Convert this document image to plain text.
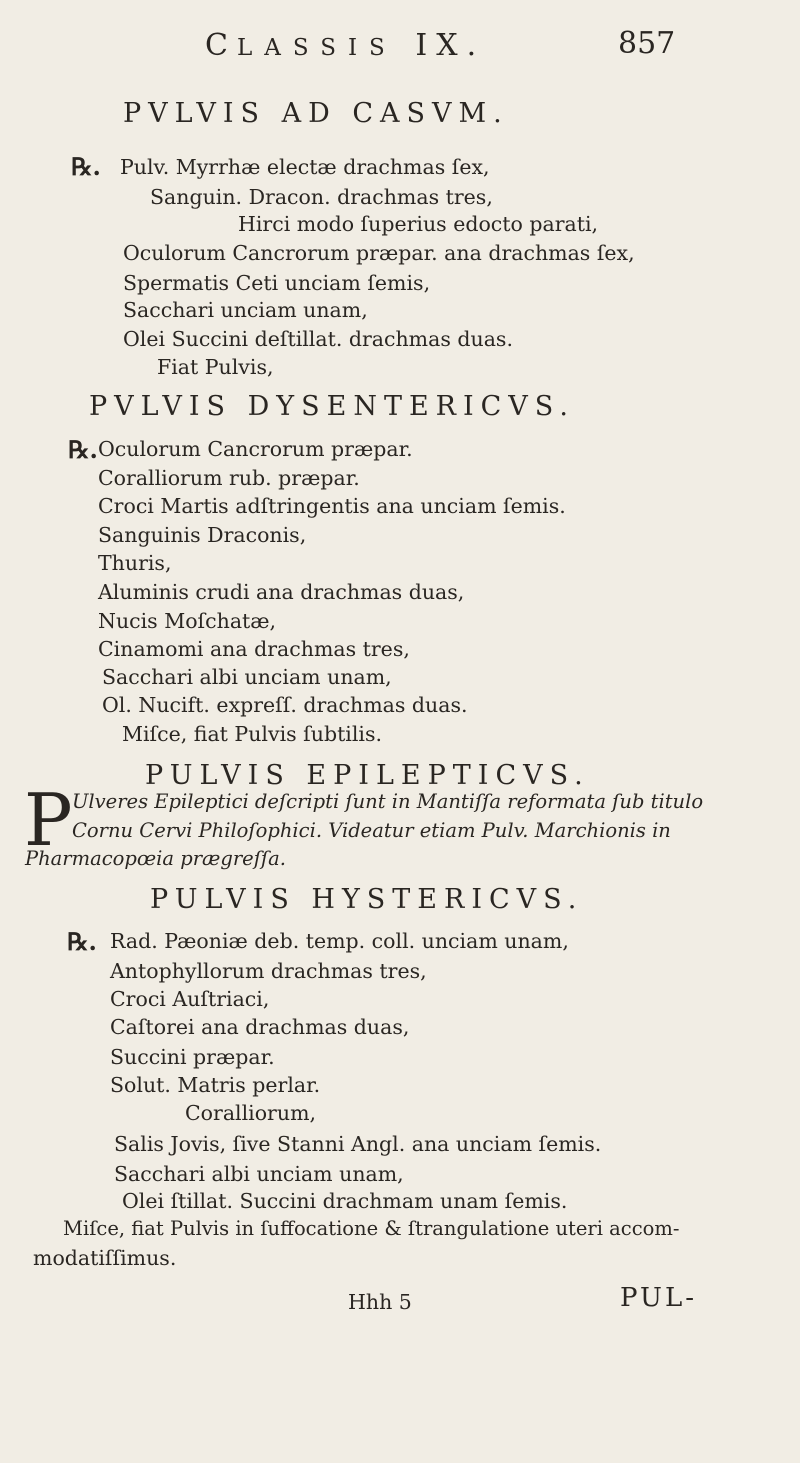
CLASSIS IX.	857
PVLVIS AD CASVM.
℞. Pulv. Myrrhæ electæ drachmas ſex,
Sanguin. Dracon. drachmas tres,
Hirci modo ſuperius edocto parati,
Oculorum Cancrorum præpar. ana drachmas ſex,
Spermatis Ceti unciam ſemis,
Sacchari unciam unam,
Olei Succini deſtillat. drachmas duas.
Fiat Pulvis,
PVLVIS DYSENTERICVS.
℞. Oculorum Cancrorum præpar.
Coralliorum rub. præpar.
Croci Martis adſtringentis ana unciam ſemis.
Sanguinis Draconis,
Thuris,
Aluminis crudi ana drachmas duas,
Nucis Moſchatæ,
Cinamomi ana drachmas tres,
Sacchari albi unciam unam,
Ol. Nucift. expreſſ. drachmas duas.
Miſce, fiat Pulvis ſubtilis.
PULVIS EPILEPTICVS.
P Ulveres Epileptici deſcripti ſunt in Mantiſſa reformata ſub titulo
Cornu Cervi Philoſophici. Videatur etiam Pulv. Marchionis in
Pharmacopœia prægreſſa.
PULVIS HYSTERICVS.
℞. Rad. Pæoniæ deb. temp. coll. unciam unam,
Antophyllorum drachmas tres,
Croci Auſtriaci,
Caſtorei ana drachmas duas,
Succini præpar.
Solut. Matris perlar.
Coralliorum,
Salis Jovis, ſive Stanni Angl. ana unciam ſemis.
Sacchari albi unciam unam,
Olei ſtillat. Succini drachmam unam ſemis.
Miſce, fiat Pulvis in ſuffocatione & ſtrangulatione uteri accom-
modatiſſimus.
Hhh 5	PUL-
